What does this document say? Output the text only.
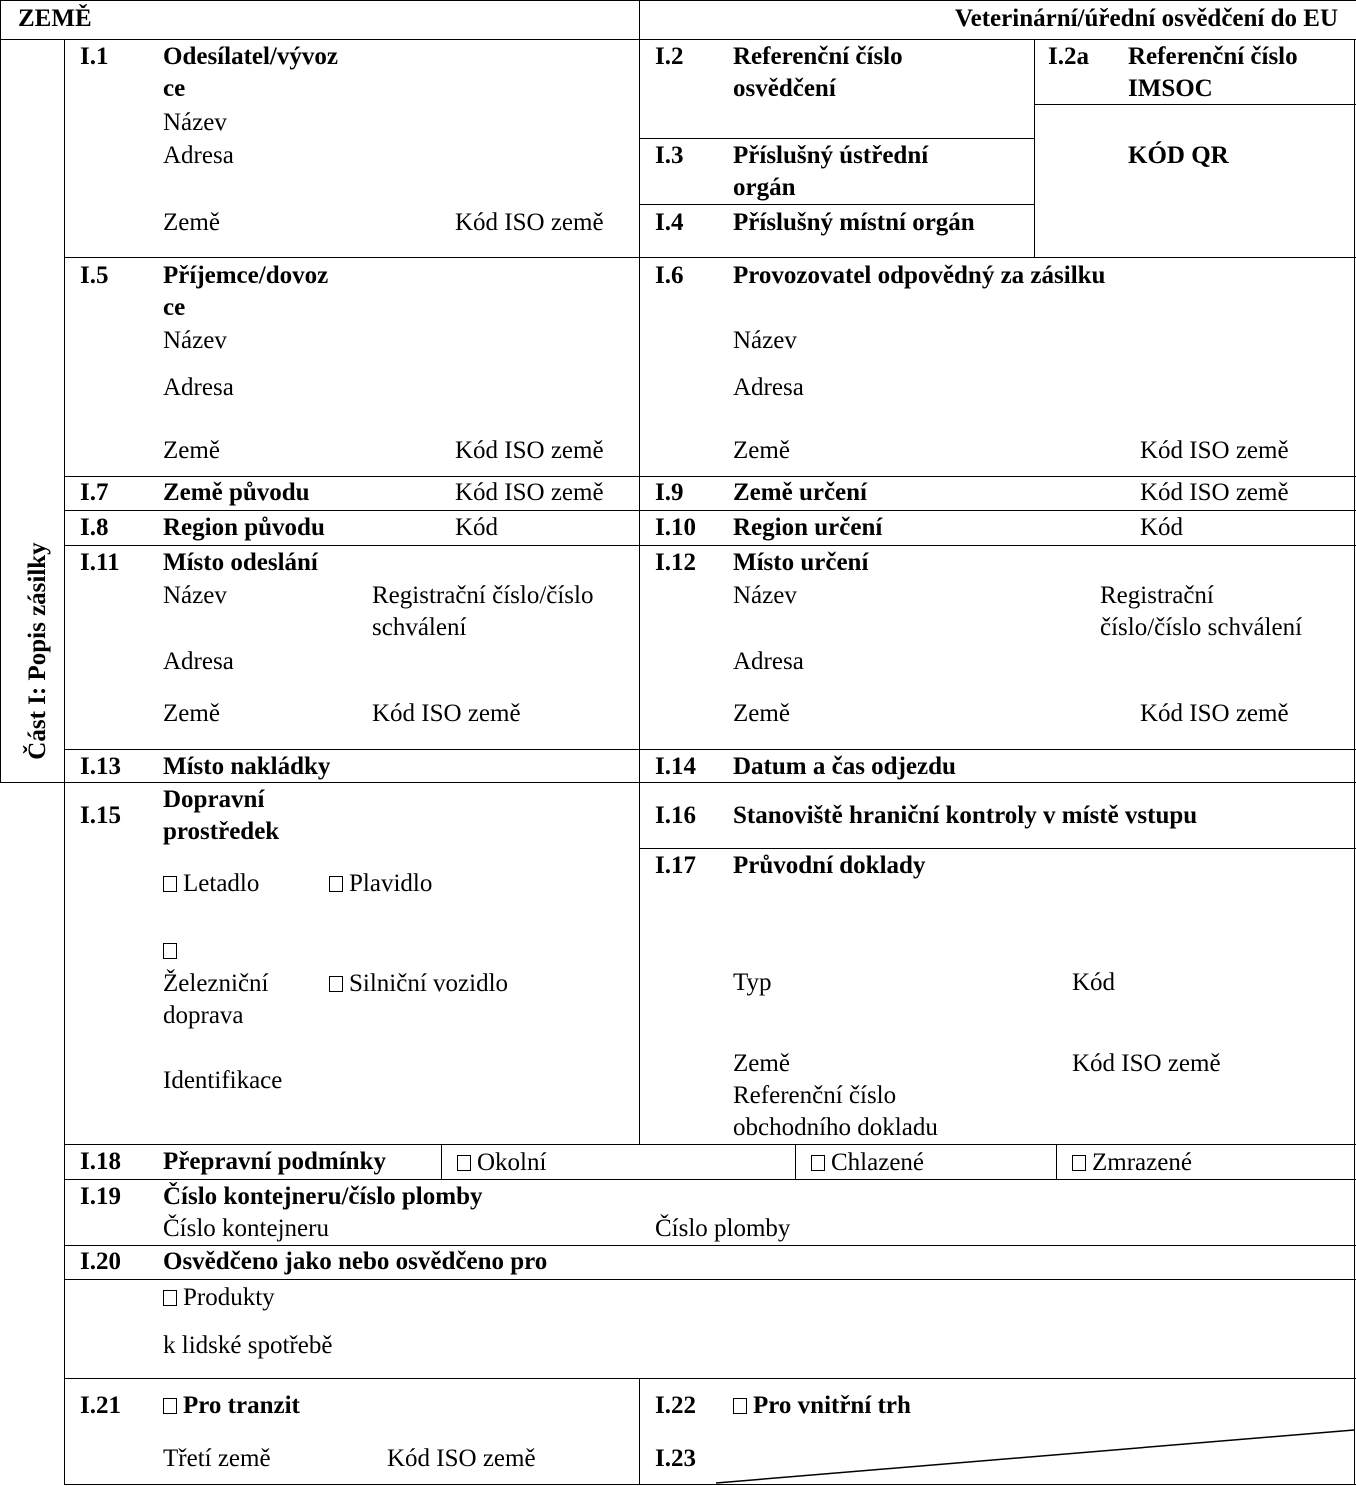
ZEMĚ	Veterinární/úřední osvědčení do EU
Část I: Popis zásilky
I.1 Odesílatel/vývoz
ce
Název
Adresa
Země	Kód ISO země
I.2 Referenční číslo
osvědčení
I.2a Referenční číslo
IMSOC
KÓD QR
I.3 Příslušný ústřední
orgán
I.4 Příslušný místní orgán
I.5 Příjemce/dovoz
ce
Název
Adresa
Země	Kód ISO země
I.6 Provozovatel odpovědný za zásilku
Název
Adresa
Země	Kód ISO země
I.7 Země původu	Kód ISO země I.9 Země určení	Kód ISO země
I.8 Region původu	Kód	I.10 Region určení	Kód
I.11 Místo odeslání
Název	Registrační číslo/číslo
schválení
Adresa
Země	Kód ISO země
I.12 Místo určení
Název	Registrační
číslo/číslo schválení
Adresa
Země	Kód ISO země
I.13 Místo nakládky	I.14 Datum a čas odjezdu
I.15
Dopravní
prostředek
Letadlo	Plavidlo
Železniční
doprava
Silniční vozidlo
Identifikace
I.16 Stanoviště hraniční kontroly v místě vstupu
I.17 Průvodní doklady
Typ	Kód
Země	Kód ISO země
Referenční číslo
obchodního dokladu
I.18 Přepravní podmínky	Okolní	Chlazené	Zmrazené
I.19 Číslo kontejneru/číslo plomby
Číslo kontejneru	Číslo plomby
I.20 Osvědčeno jako nebo osvědčeno pro
Produkty
k lidské spotřebě
I.21	Pro tranzit
Třetí země	Kód ISO země
I.22	Pro vnitřní trh
I.23
